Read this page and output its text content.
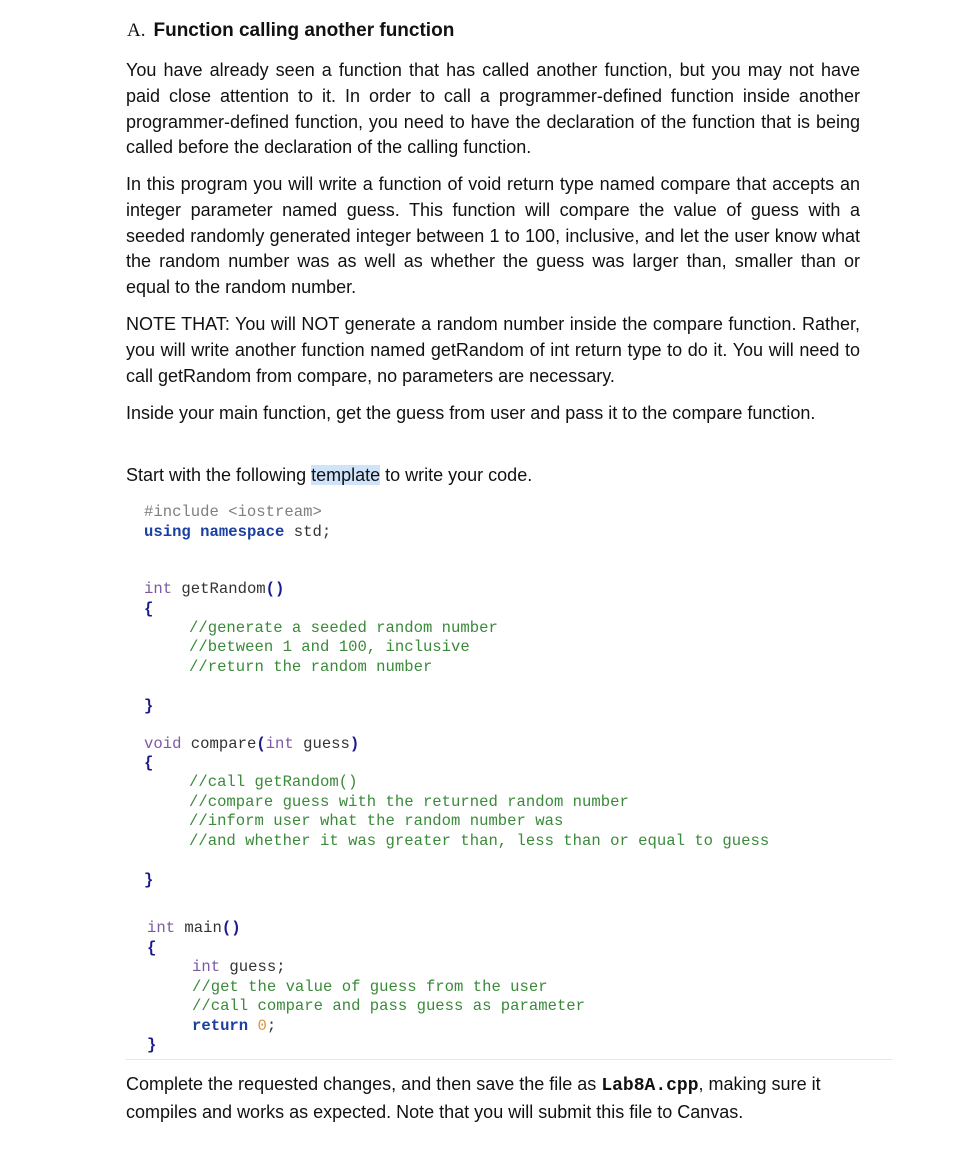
A. Function calling another function

You have already seen a function that has called another function, but you may not have paid close attention to it. In order to call a programmer-defined function inside another programmer-defined function, you need to have the declaration of the function that is being called before the declaration of the calling function.

In this program you will write a function of void return type named compare that accepts an integer parameter named guess. This function will compare the value of guess with a seeded randomly generated integer between 1 to 100, inclusive, and let the user know what the random number was as well as whether the guess was larger than, smaller than or equal to the random number.

NOTE THAT: You will NOT generate a random number inside the compare function. Rather, you will write another function named getRandom of int return type to do it. You will need to call getRandom from compare, no parameters are necessary.

Inside your main function, get the guess from user and pass it to the compare function.

Start with the following template to write your code.

#include <iostream>
using namespace std;
int getRandom()
{
//generate a seeded random number
//between 1 and 100, inclusive
//return the random number
}
void compare(int guess)
{
//call getRandom()
//compare guess with the returned random number
//inform user what the random number was
//and whether it was greater than, less than or equal to guess
}
int main()
{
int guess;
//get the value of guess from the user
//call compare and pass guess as parameter
return 0;
}

Complete the requested changes, and then save the file as Lab8A.cpp, making sure it compiles and works as expected. Note that you will submit this file to Canvas.
